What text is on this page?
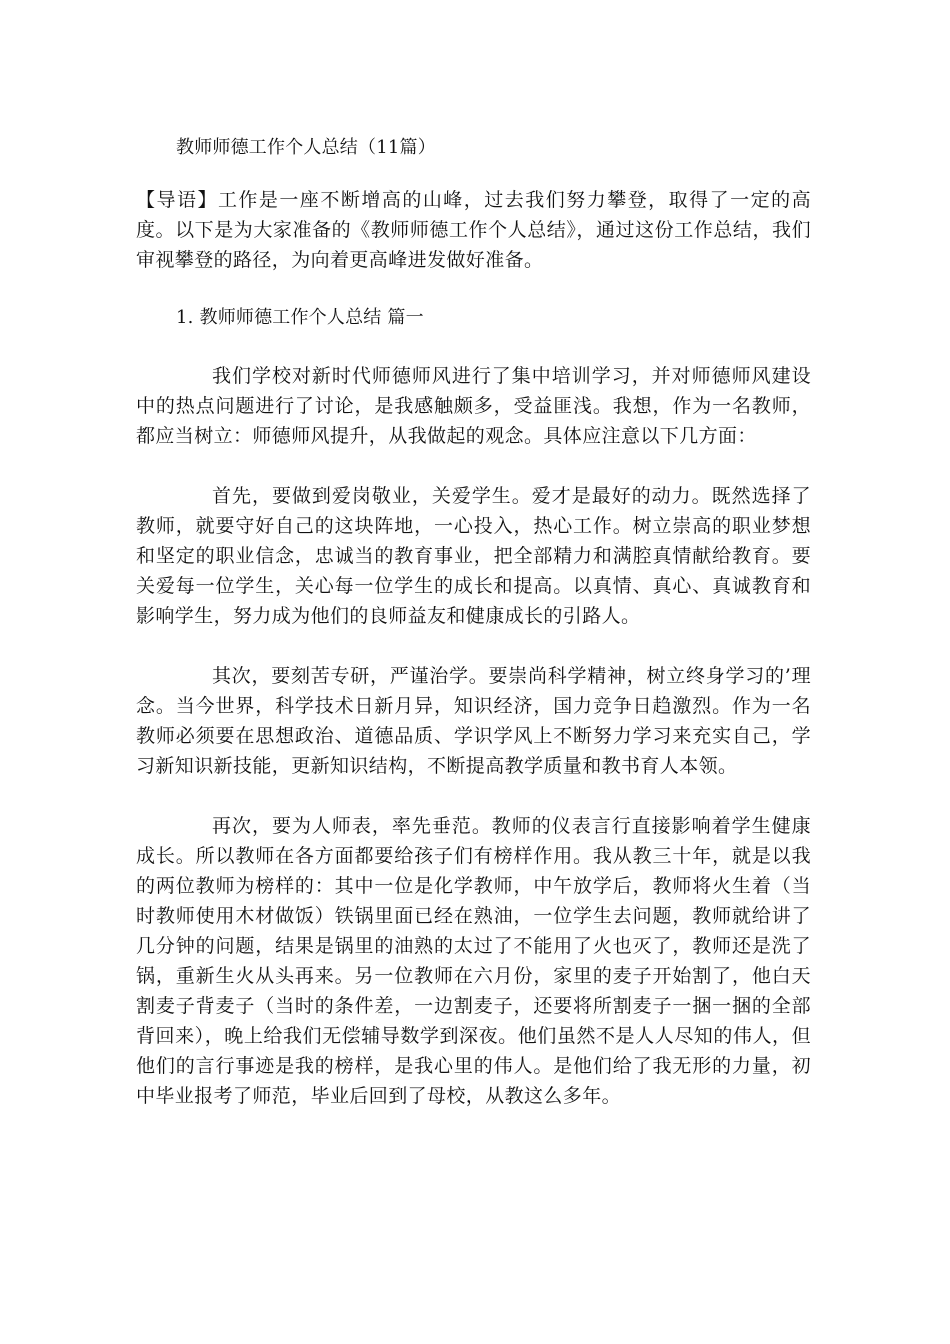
教师师德工作个人总结（11篇）

【导语】工作是一座不断增高的山峰，过去我们努力攀登，取得了一定的高度。以下是为大家准备的《教师师德工作个人总结》，通过这份工作总结，我们审视攀登的路径，为向着更高峰进发做好准备。

1. 教师师德工作个人总结 篇一

我们学校对新时代师德师风进行了集中培训学习，并对师德师风建设中的热点问题进行了讨论，是我感触颇多，受益匪浅。我想，作为一名教师，都应当树立：师德师风提升，从我做起的观念。具体应注意以下几方面：

首先，要做到爱岗敬业，关爱学生。爱才是最好的动力。既然选择了教师，就要守好自己的这块阵地，一心投入，热心工作。树立崇高的职业梦想和坚定的职业信念，忠诚当的教育事业，把全部精力和满腔真情献给教育。要关爱每一位学生，关心每一位学生的成长和提高。以真情、真心、真诚教育和影响学生，努力成为他们的良师益友和健康成长的引路人。

其次，要刻苦专研，严谨治学。要崇尚科学精神，树立终身学习的’理念。当今世界，科学技术日新月异，知识经济，国力竞争日趋激烈。作为一名教师必须要在思想政治、道德品质、学识学风上不断努力学习来充实自己，学习新知识新技能，更新知识结构，不断提高教学质量和教书育人本领。

再次，要为人师表，率先垂范。教师的仪表言行直接影响着学生健康成长。所以教师在各方面都要给孩子们有榜样作用。我从教三十年，就是以我的两位教师为榜样的：其中一位是化学教师，中午放学后，教师将火生着（当时教师使用木材做饭）铁锅里面已经在熟油，一位学生去问题，教师就给讲了几分钟的问题，结果是锅里的油熟的太过了不能用了火也灭了，教师还是洗了锅，重新生火从头再来。另一位教师在六月份，家里的麦子开始割了，他白天割麦子背麦子（当时的条件差，一边割麦子，还要将所割麦子一捆一捆的全部背回来），晚上给我们无偿辅导数学到深夜。他们虽然不是人人尽知的伟人，但他们的言行事迹是我的榜样，是我心里的伟人。是他们给了我无形的力量，初中毕业报考了师范，毕业后回到了母校，从教这么多年。
